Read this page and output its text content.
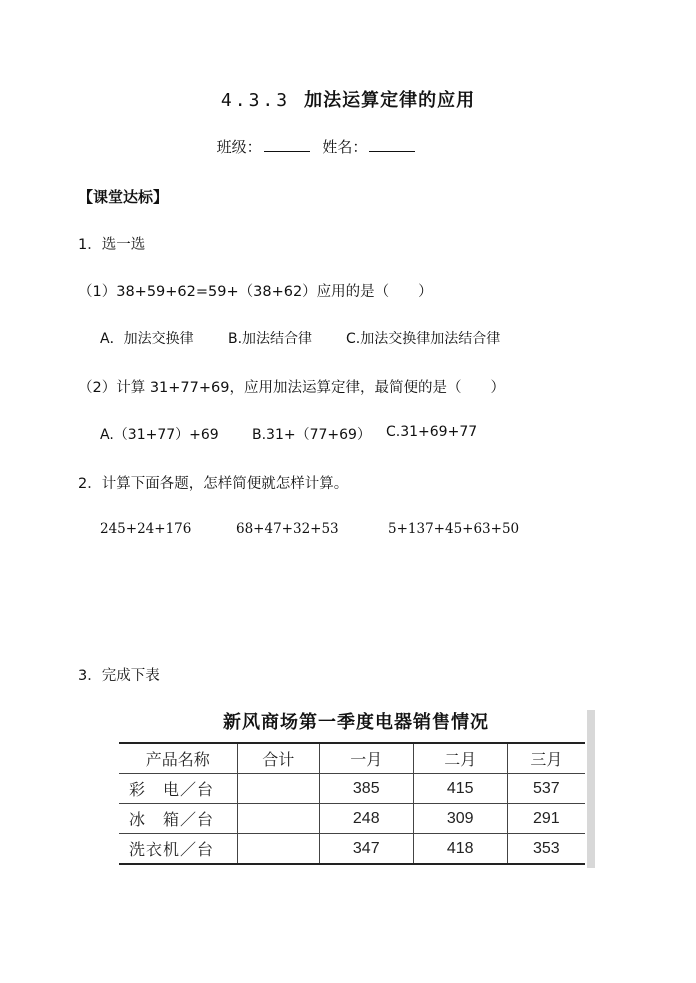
4.3.3 加法运算定律的应用
班级：	姓名：
【课堂达标】
1．选一选
（1）38+59+62=59+（38+62）应用的是（　　）
A．加法交换律 B.加法结合律 C.加法交换律加法结合律
（2）计算 31+77+69，应用加法运算定律，最简便的是（　　）
A.（31+77）+69 B.31+（77+69） C.31+69+77
2．计算下面各题，怎样简便就怎样计算。
245+24+176	68+47+32+53	5+137+45+63+50
3．完成下表
新风商场第一季度电器销售情况
产品名称	合计	一月	二月	三月
彩　电／台		385	415	537
冰　箱／台		248	309	291
洗衣机／台		347	418	353
